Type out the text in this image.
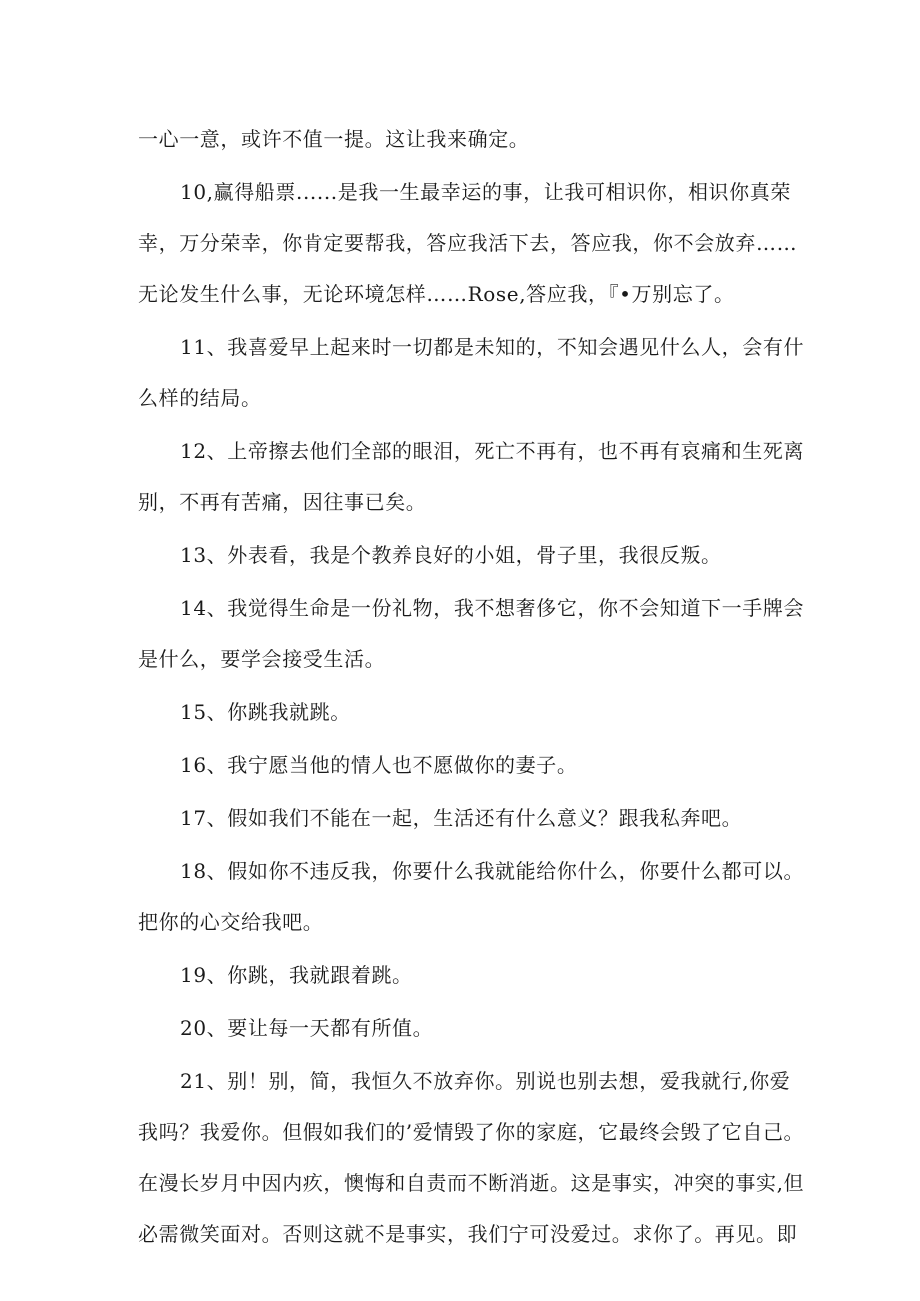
一心一意，或许不值一提。这让我来确定。

10,赢得船票......是我一生最幸运的事，让我可相识你，相识你真荣
幸，万分荣幸，你肯定要帮我，答应我活下去，答应我，你不会放弃……
无论发生什么事，无论环境怎样……Rose,答应我，『•万别忘了。

11、我喜爱早上起来时一切都是未知的，不知会遇见什么人，会有什
么样的结局。

12、上帝擦去他们全部的眼泪，死亡不再有，也不再有哀痛和生死离
别，不再有苦痛，因往事已矣。

13、外表看，我是个教养良好的小姐，骨子里，我很反叛。

14、我觉得生命是一份礼物，我不想奢侈它，你不会知道下一手牌会
是什么，要学会接受生活。

15、你跳我就跳。

16、我宁愿当他的情人也不愿做你的妻子。

17、假如我们不能在一起，生活还有什么意义？跟我私奔吧。

18、假如你不违反我，你要什么我就能给你什么，你要什么都可以。
把你的心交给我吧。

19、你跳，我就跟着跳。

20、要让每一天都有所值。

21、别！别，简，我恒久不放弃你。别说也别去想，爱我就行,你爱
我吗？我爱你。但假如我们的’爱情毁了你的家庭，它最终会毁了它自己。
在漫长岁月中因内疚，懊悔和自责而不断消逝。这是事实，冲突的事实,但
必需微笑面对。否则这就不是事实，我们宁可没爱过。求你了。再见。即
